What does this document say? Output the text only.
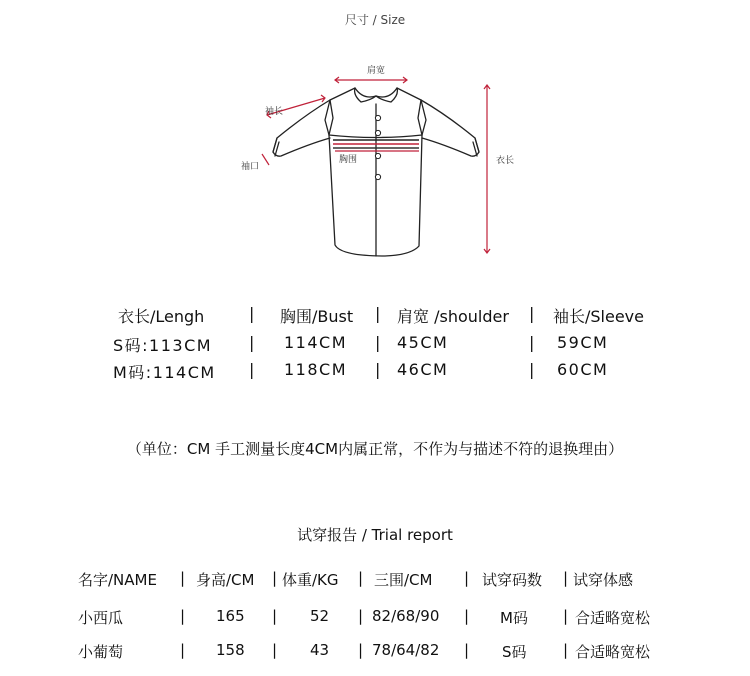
尺寸 / Size
肩宽
袖长
袖口
胸围	衣长
衣长/Lengh	| 胸围/Bust | 肩宽 /shoulder | 袖长/Sleeve
S码:113CM | 114CM | 45CM	| 59CM
M码:114CM | 118CM | 46CM	| 60CM
（单位：CM 手工测量长度4CM内属正常，不作为与描述不符的退换理由）
试穿报告 / Trial report
名字/NAME | 身高/CM | 体重/KG | 三围/CM | 试穿码数 | 试穿体感
小西瓜	| 165 | 52 | 82/68/90 | M码 | 合适略宽松
小葡萄	| 158 | 43 | 78/64/82 | S码 | 合适略宽松
